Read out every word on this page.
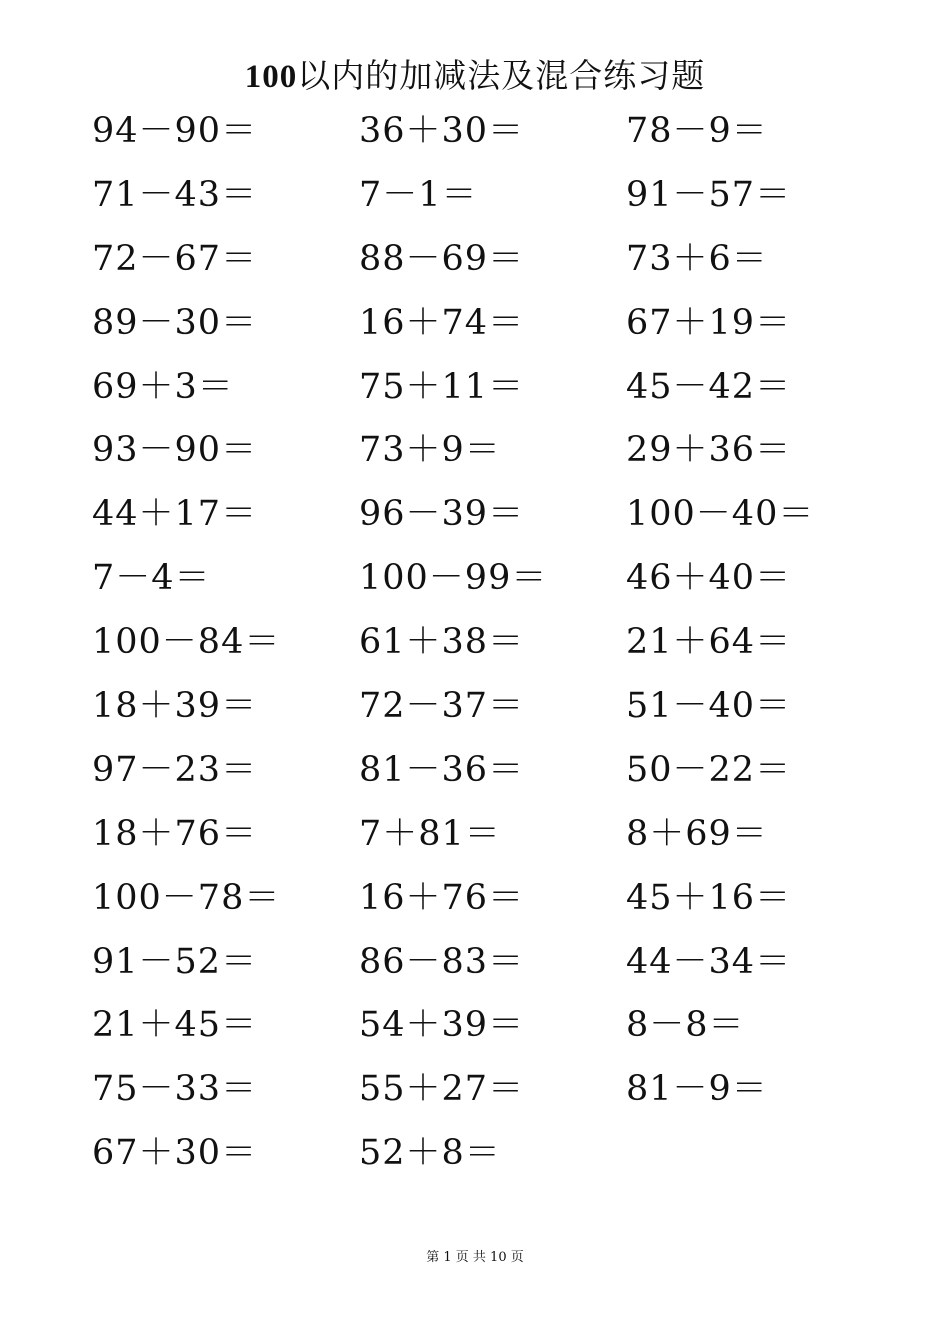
100以内的加减法及混合练习题
94－90＝	36＋30＝	78－9＝
71－43＝	7－1＝	91－57＝
72－67＝	88－69＝	73＋6＝
89－30＝	16＋74＝	67＋19＝
69＋3＝	75＋11＝	45－42＝
93－90＝	73＋9＝	29＋36＝
44＋17＝	96－39＝	100－40＝
7－4＝	100－99＝	46＋40＝
100－84＝	61＋38＝	21＋64＝
18＋39＝	72－37＝	51－40＝
97－23＝	81－36＝	50－22＝
18＋76＝	7＋81＝	8＋69＝
100－78＝	16＋76＝	45＋16＝
91－52＝	86－83＝	44－34＝
21＋45＝	54＋39＝	8－8＝
75－33＝	55＋27＝	81－9＝
67＋30＝	52＋8＝
第 1 页 共 10 页
